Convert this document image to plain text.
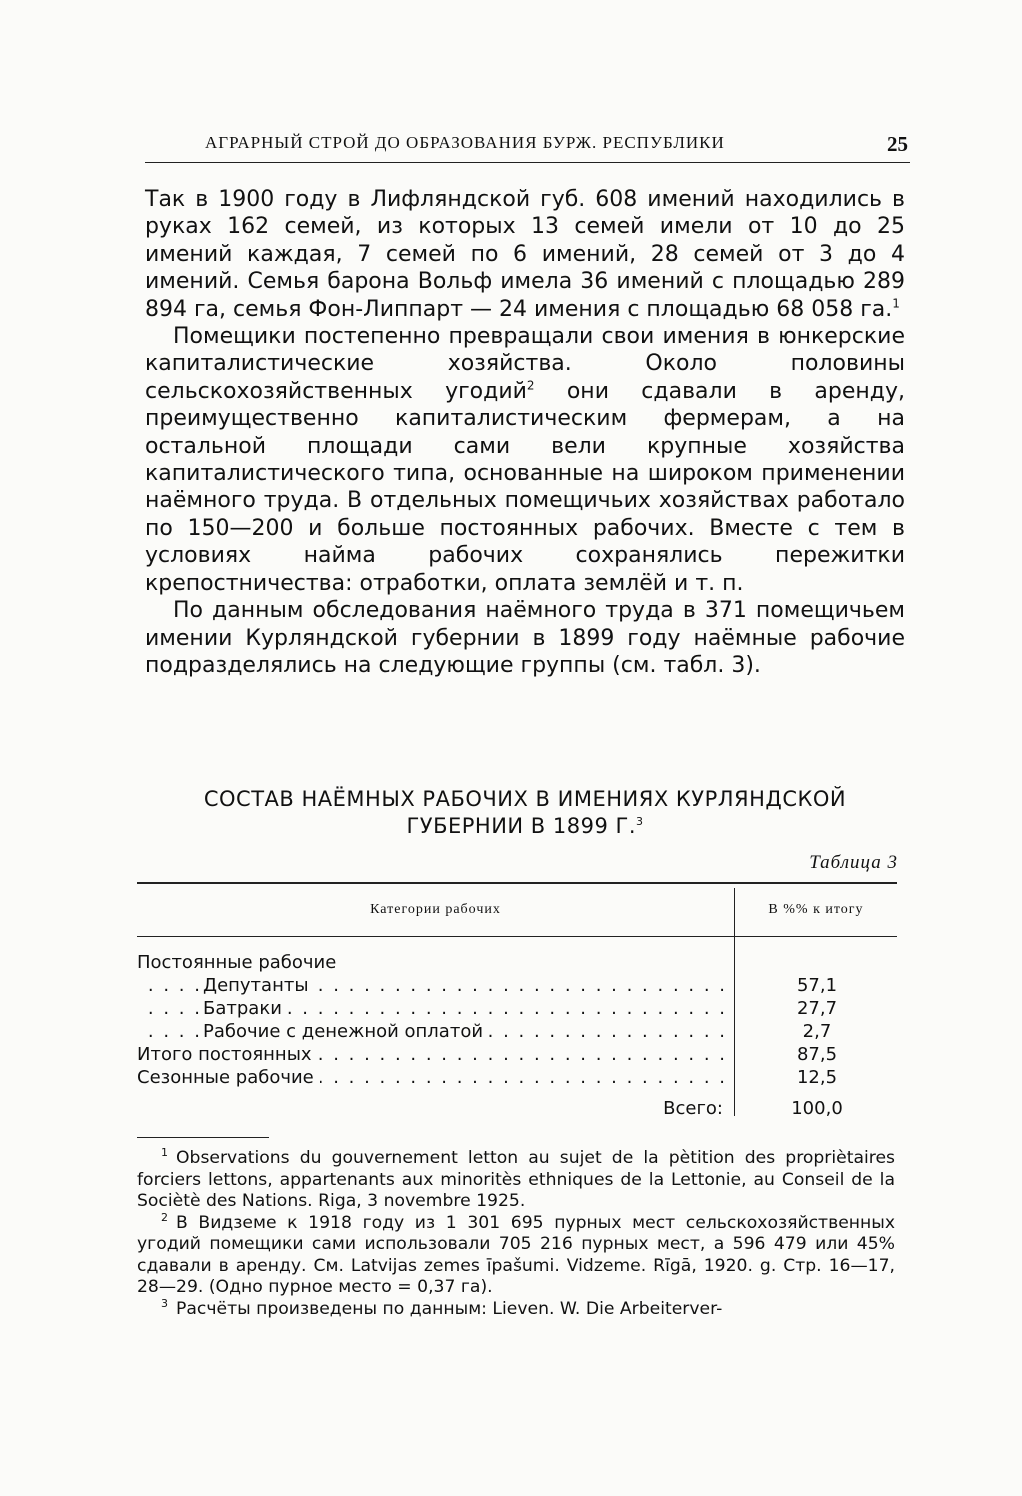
АГРАРНЫЙ СТРОЙ ДО ОБРАЗОВАНИЯ БУРЖ. РЕСПУБЛИКИ	25

Так в 1900 году в Лифляндской губ. 608 имений находились в руках 162 семей, из которых 13 семей имели от 10 до 25 имений каждая, 7 семей по 6 имений, 28 семей от 3 до 4 имений. Семья барона Вольф имела 36 имений с площадью 289 894 га, семья Фон-Липпарт — 24 имения с площадью 68 058 га.$^1$

Помещики постепенно превращали свои имения в юнкерские капиталистические хозяйства. Около половины сельскохозяйственных угодий$^2$ они сдавали в аренду, преимущественно капиталистическим фермерам, а на остальной площади сами вели крупные хозяйства капиталистического типа, основанные на широком применении наёмного труда. В отдельных помещичьих хозяйствах работало по 150—200 и больше постоянных рабочих. Вместе с тем в условиях найма рабочих сохранялись пережитки крепостничества: отработки, оплата землёй и т. п.

По данным обследования наёмного труда в 371 помещичьем имении Курляндской губернии в 1899 году наёмные рабочие подразделялись на следующие группы (см. табл. 3).

СОСТАВ НАЁМНЫХ РАБОЧИХ В ИМЕНИЯХ КУРЛЯНДСКОЙ
ГУБЕРНИИ В 1899 Г.$^3$
Таблица 3
Категории рабочих	В %% к итогу
Постоянные рабочие
Депутанты . . .	57,1
Батраки . . .	27,7
Рабочие с денежной оплатой . . .	2,7
Итого постоянных . . .	87,5
Сезонные рабочие . . .	12,5
Всего:	100,0

$^1$ Observations du gouvernement letton au sujet de la pètition des propriètaires forciers lettons, appartenants aux minoritès ethniques de la Lettonie, au Conseil de la Sociètè des Nations. Riga, 3 novembre 1925.

$^2$ В Видземе к 1918 году из 1 301 695 пурных мест сельскохозяйственных угодий помещики сами использовали 705 216 пурных мест, а 596 479 или 45% сдавали в аренду. См. Latvijas zemes īpašumi. Vidzeme. Rīgā, 1920. g. Стр. 16—17, 28—29. (Одно пурное место = 0,37 га).

$^3$ Расчёты произведены по данным: Lieven. W. Die Arbeiterver-
